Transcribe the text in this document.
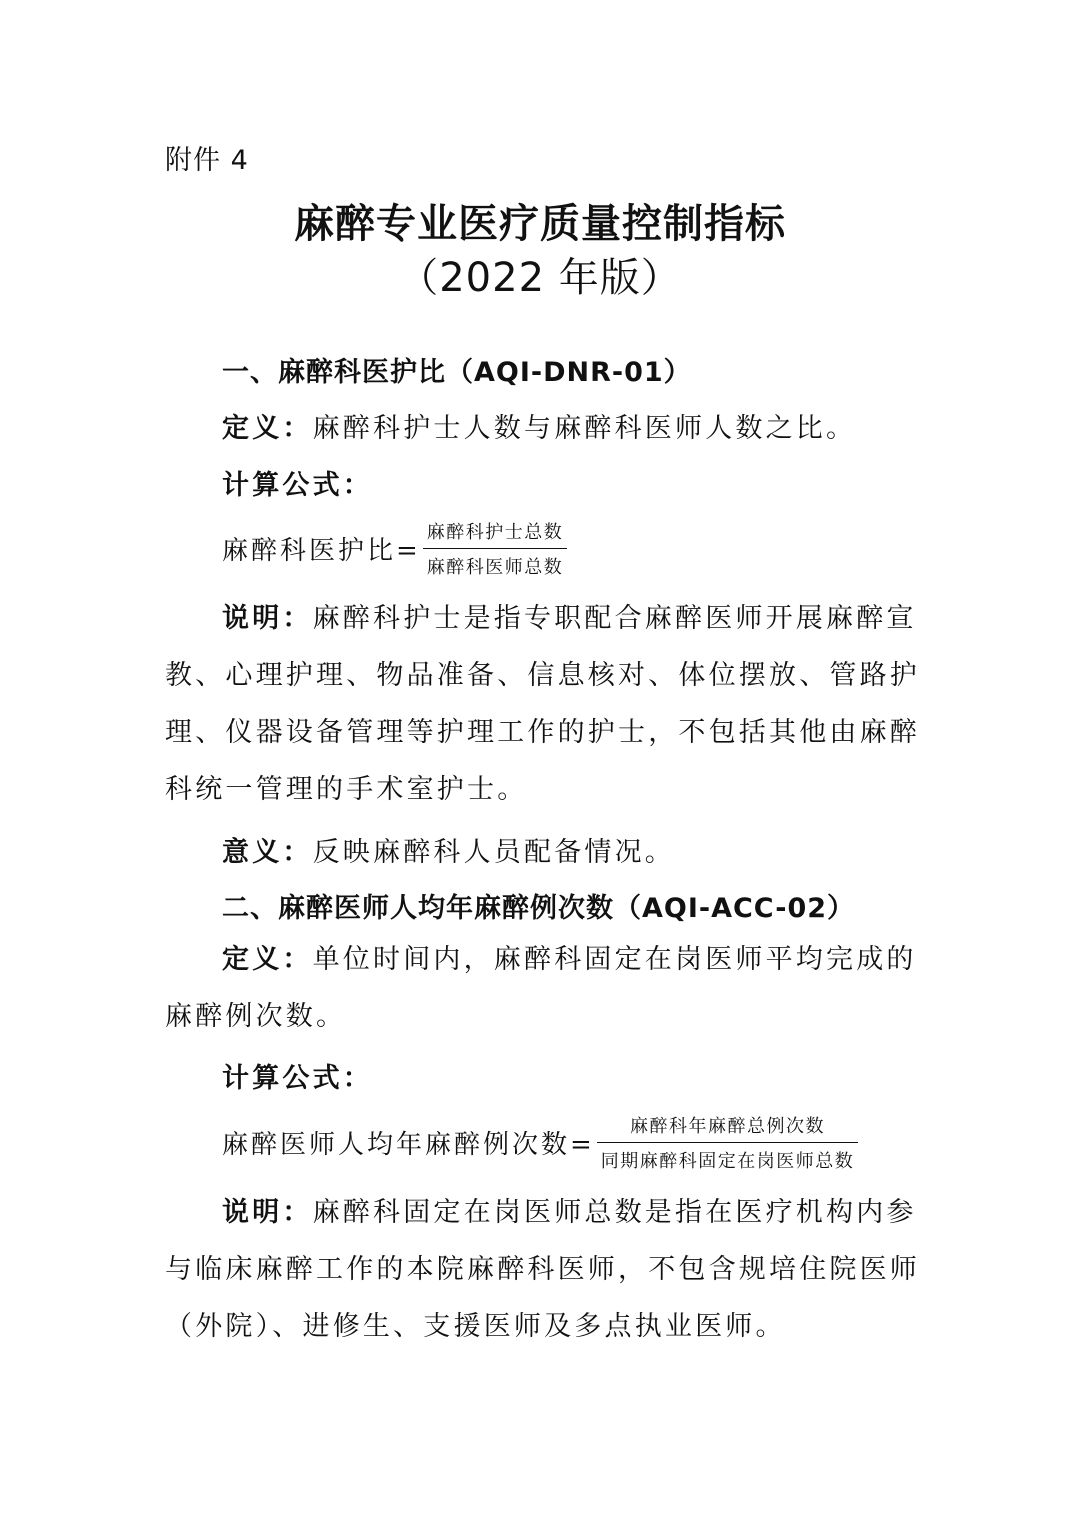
附件 4
麻醉专业医疗质量控制指标
（2022 年版）
一、麻醉科医护比（AQI-DNR-01）
定义：麻醉科护士人数与麻醉科医师人数之比。
计算公式：
麻醉科医护比= $\frac{\text{麻醉科护士总数}}{\text{麻醉科医师总数}}$
说明：麻醉科护士是指专职配合麻醉医师开展麻醉宣教、心理护理、物品准备、信息核对、体位摆放、管路护理、仪器设备管理等护理工作的护士，不包括其他由麻醉科统一管理的手术室护士。
意义：反映麻醉科人员配备情况。
二、麻醉医师人均年麻醉例次数（AQI-ACC-02）
定义：单位时间内，麻醉科固定在岗医师平均完成的麻醉例次数。
计算公式：
麻醉医师人均年麻醉例次数= $\frac{\text{麻醉科年麻醉总例次数}}{\text{同期麻醉科固定在岗医师总数}}$
说明：麻醉科固定在岗医师总数是指在医疗机构内参与临床麻醉工作的本院麻醉科医师，不包含规培住院医师（外院）、进修生、支援医师及多点执业医师。
